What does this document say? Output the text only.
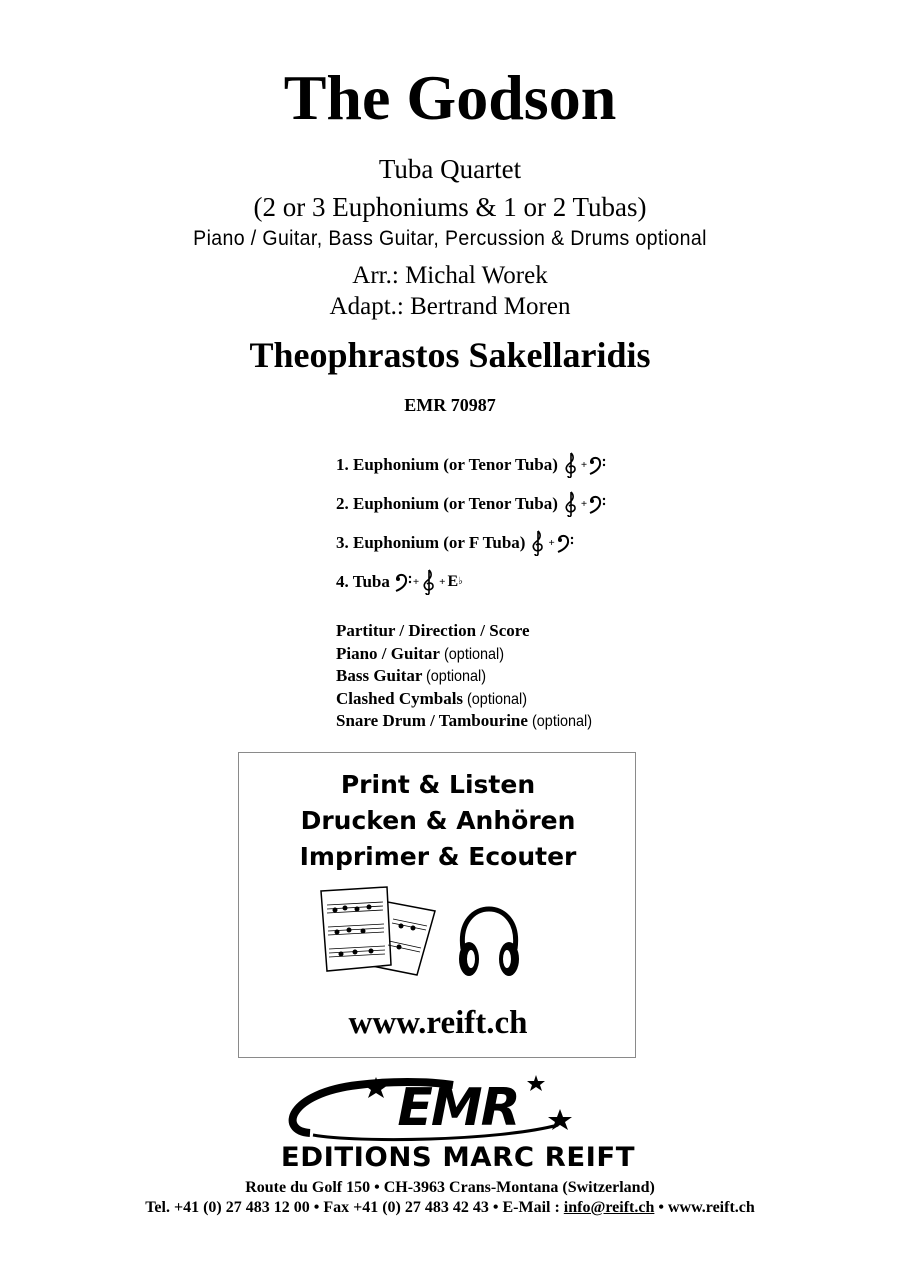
The Godson
Tuba Quartet
(2 or 3 Euphoniums & 1 or 2 Tubas)
Piano / Guitar, Bass Guitar, Percussion & Drums optional
Arr.: Michal Worek
Adapt.: Bertrand Moren
Theophrastos Sakellaridis
EMR 70987
1. Euphonium (or Tenor Tuba) +
2. Euphonium (or Tenor Tuba) +
3. Euphonium (or F Tuba) +
4. Tuba + + E ♭
Partitur / Direction / Score
Piano / Guitar (optional)
Bass Guitar (optional)
Clashed Cymbals (optional)
Snare Drum / Tambourine (optional)
Print & Listen
Drucken & Anhören
Imprimer & Ecouter
www.reift.ch
EMR
EDITIONS MARC REIFT
Route du Golf 150 • CH-3963 Crans-Montana (Switzerland)
Tel. +41 (0) 27 483 12 00 • Fax +41 (0) 27 483 42 43 • E-Mail : info@reift.ch • www.reift.ch
